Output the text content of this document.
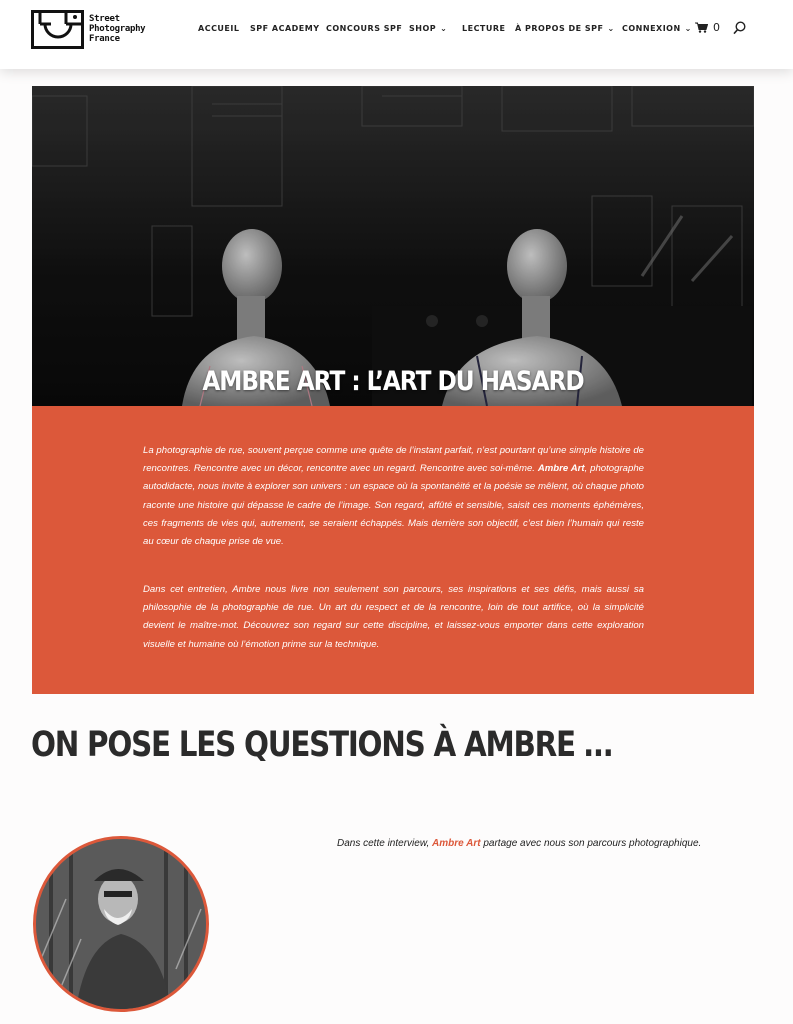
Street
Photography
France
ACCUEIL SPF ACADEMY CONCOURS SPF SHOP ⌄ LECTURE À PROPOS DE SPF ⌄ CONNEXION ⌄ 0
AMBRE ART : L’ART DU HASARD

La photographie de rue, souvent perçue comme une quête de l’instant parfait, n’est pourtant qu’une simple histoire de rencontres. Rencontre avec un décor, rencontre avec un regard. Rencontre avec soi-même. Ambre Art, photographe autodidacte, nous invite à explorer son univers : un espace où la spontanéité et la poésie se mêlent, où chaque photo raconte une histoire qui dépasse le cadre de l’image. Son regard, affûté et sensible, saisit ces moments éphémères, ces fragments de vies qui, autrement, se seraient échappés. Mais derrière son objectif, c’est bien l’humain qui reste au cœur de chaque prise de vue.

Dans cet entretien, Ambre nous livre non seulement son parcours, ses inspirations et ses défis, mais aussi sa philosophie de la photographie de rue. Un art du respect et de la rencontre, loin de tout artifice, où la simplicité devient le maître-mot. Découvrez son regard sur cette discipline, et laissez-vous emporter dans cette exploration visuelle et humaine où l’émotion prime sur la technique.

ON POSE LES QUESTIONS À AMBRE …

Dans cette interview, Ambre Art partage avec nous son parcours photographique.
